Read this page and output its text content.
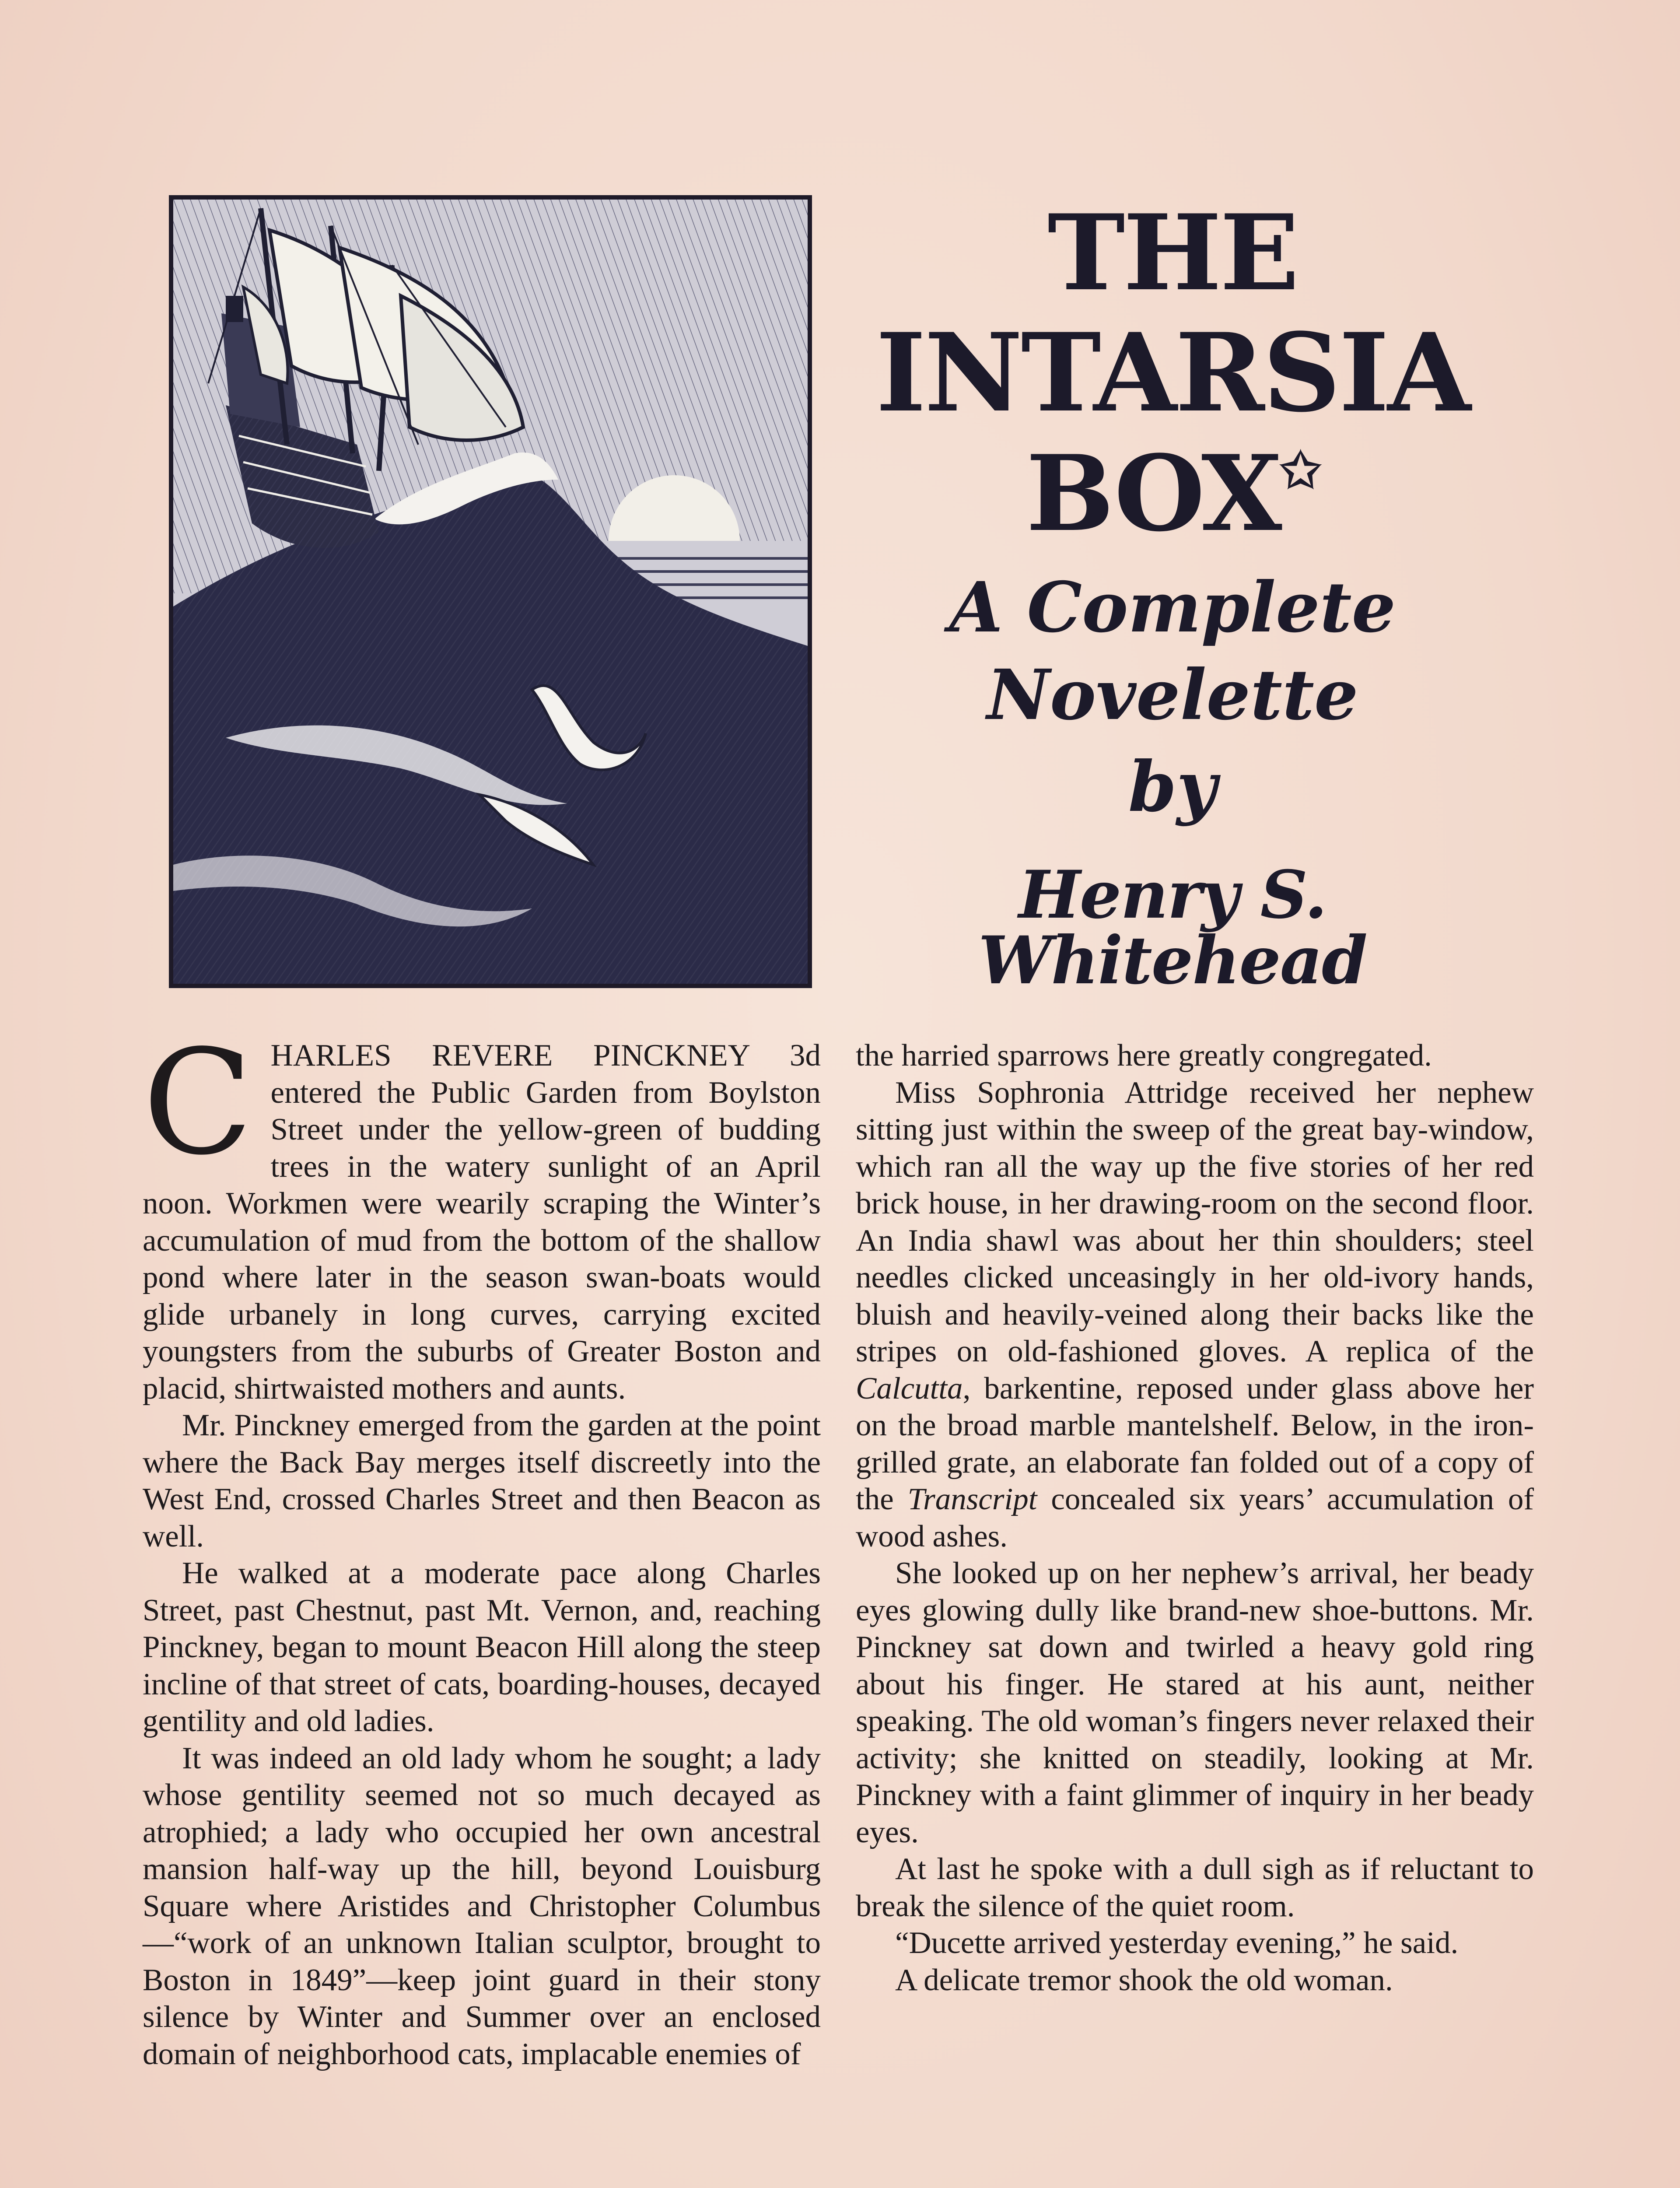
THE
INTARSIA
BOX✩
A Complete
Novelette
by
Henry S. Whitehead

CHARLES REVERE PINCKNEY 3d entered the Public Garden from Boylston Street under the yellow-green of budding trees in the watery sunlight of an April noon. Workmen were wearily scraping the Winter’s accumulation of mud from the bottom of the shallow pond where later in the season swan-boats would glide urbanely in long curves, carrying excited youngsters from the suburbs of Greater Boston and placid, shirtwaisted mothers and aunts.

Mr. Pinckney emerged from the garden at the point where the Back Bay merges itself discreetly into the West End, crossed Charles Street and then Beacon as well.

He walked at a moderate pace along Charles Street, past Chestnut, past Mt. Vernon, and, reaching Pinckney, began to mount Beacon Hill along the steep incline of that street of cats, boarding-houses, decayed gentility and old ladies.

It was indeed an old lady whom he sought; a lady whose gentility seemed not so much decayed as atrophied; a lady who occupied her own ancestral mansion half-way up the hill, beyond Louisburg Square where Aristides and Christopher Columbus—“work of an unknown Italian sculptor, brought to Boston in 1849”—keep joint guard in their stony silence by Winter and Summer over an enclosed domain of neighborhood cats, implacable enemies of

the harried sparrows here greatly congregated.

Miss Sophronia Attridge received her nephew sitting just within the sweep of the great bay-window, which ran all the way up the five stories of her red brick house, in her drawing-room on the second floor. An India shawl was about her thin shoulders; steel needles clicked unceasingly in her old-ivory hands, bluish and heavily-veined along their backs like the stripes on old-fashioned gloves. A replica of the Calcutta, barkentine, reposed under glass above her on the broad marble mantelshelf. Below, in the iron-grilled grate, an elaborate fan folded out of a copy of the Transcript concealed six years’ accumulation of wood ashes.

She looked up on her nephew’s arrival, her beady eyes glowing dully like brand-new shoe-buttons. Mr. Pinckney sat down and twirled a heavy gold ring about his finger. He stared at his aunt, neither speaking. The old woman’s fingers never relaxed their activity; she knitted on steadily, looking at Mr. Pinckney with a faint glimmer of inquiry in her beady eyes.

At last he spoke with a dull sigh as if reluctant to break the silence of the quiet room.

“Ducette arrived yesterday evening,” he said.

A delicate tremor shook the old woman.
